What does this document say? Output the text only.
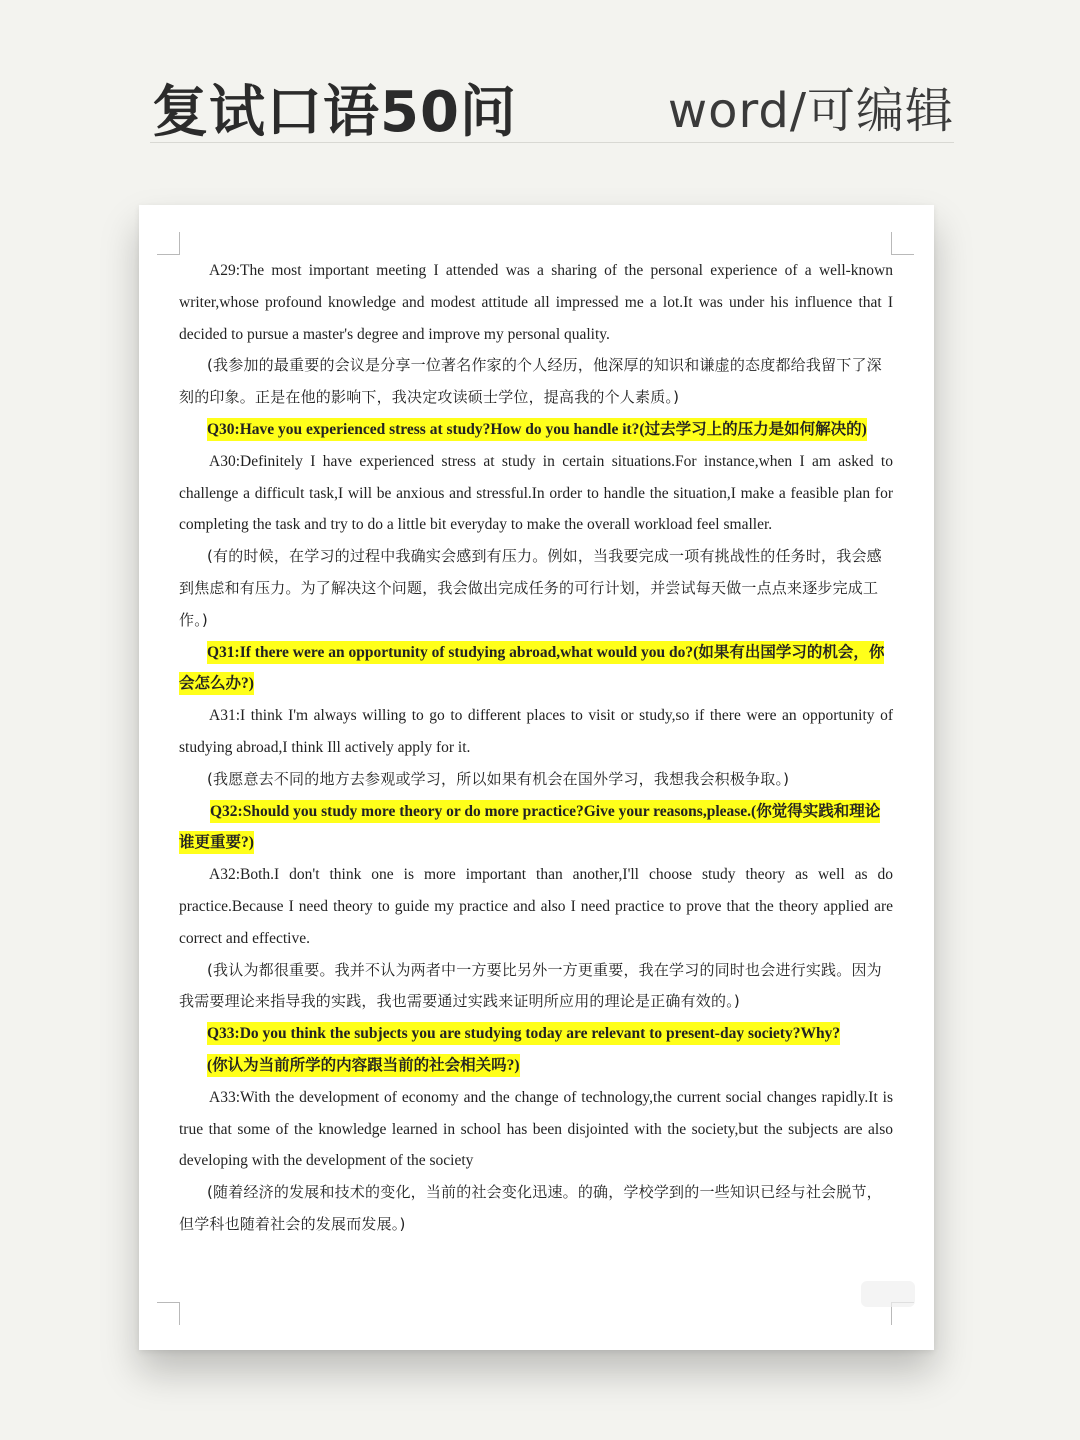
复试口语50问	word/可编辑

A29:The most important meeting I attended was a sharing of the personal experience of a well-known writer,whose profound knowledge and modest attitude all impressed me a lot.It was under his influence that I decided to pursue a master's degree and improve my personal quality.

(我参加的最重要的会议是分享一位著名作家的个人经历，他深厚的知识和谦虚的态度都给我留下了深刻的印象。正是在他的影响下，我决定攻读硕士学位，提高我的个人素质。)

Q30:Have you experienced stress at study?How do you handle it?(过去学习上的压力是如何解决的)

A30:Definitely I have experienced stress at study in certain situations.For instance,when I am asked to challenge a difficult task,I will be anxious and stressful.In order to handle the situation,I make a feasible plan for completing the task and try to do a little bit everyday to make the overall workload feel smaller.

(有的时候，在学习的过程中我确实会感到有压力。例如，当我要完成一项有挑战性的任务时，我会感到焦虑和有压力。为了解决这个问题，我会做出完成任务的可行计划，并尝试每天做一点点来逐步完成工作。)

Q31:If there were an opportunity of studying abroad,what would you do?(如果有出国学习的机会，你会怎么办?)

A31:I think I'm always willing to go to different places to visit or study,so if there were an opportunity of studying abroad,I think Ill actively apply for it.

(我愿意去不同的地方去参观或学习，所以如果有机会在国外学习，我想我会积极争取。)

Q32:Should you study more theory or do more practice?Give your reasons,please.(你觉得实践和理论谁更重要?)

A32:Both.I don't think one is more important than another,I'll choose study theory as well as do practice.Because I need theory to guide my practice and also I need practice to prove that the theory applied are correct and effective.

(我认为都很重要。我并不认为两者中一方要比另外一方更重要，我在学习的同时也会进行实践。因为我需要理论来指导我的实践，我也需要通过实践来证明所应用的理论是正确有效的。)

Q33:Do you think the subjects you are studying today are relevant to present-day society?Why?

(你认为当前所学的内容跟当前的社会相关吗?)

A33:With the development of economy and the change of technology,the current social changes rapidly.It is true that some of the knowledge learned in school has been disjointed with the society,but the subjects are also developing with the development of the society

(随着经济的发展和技术的变化，当前的社会变化迅速。的确，学校学到的一些知识已经与社会脱节，但学科也随着社会的发展而发展。)
